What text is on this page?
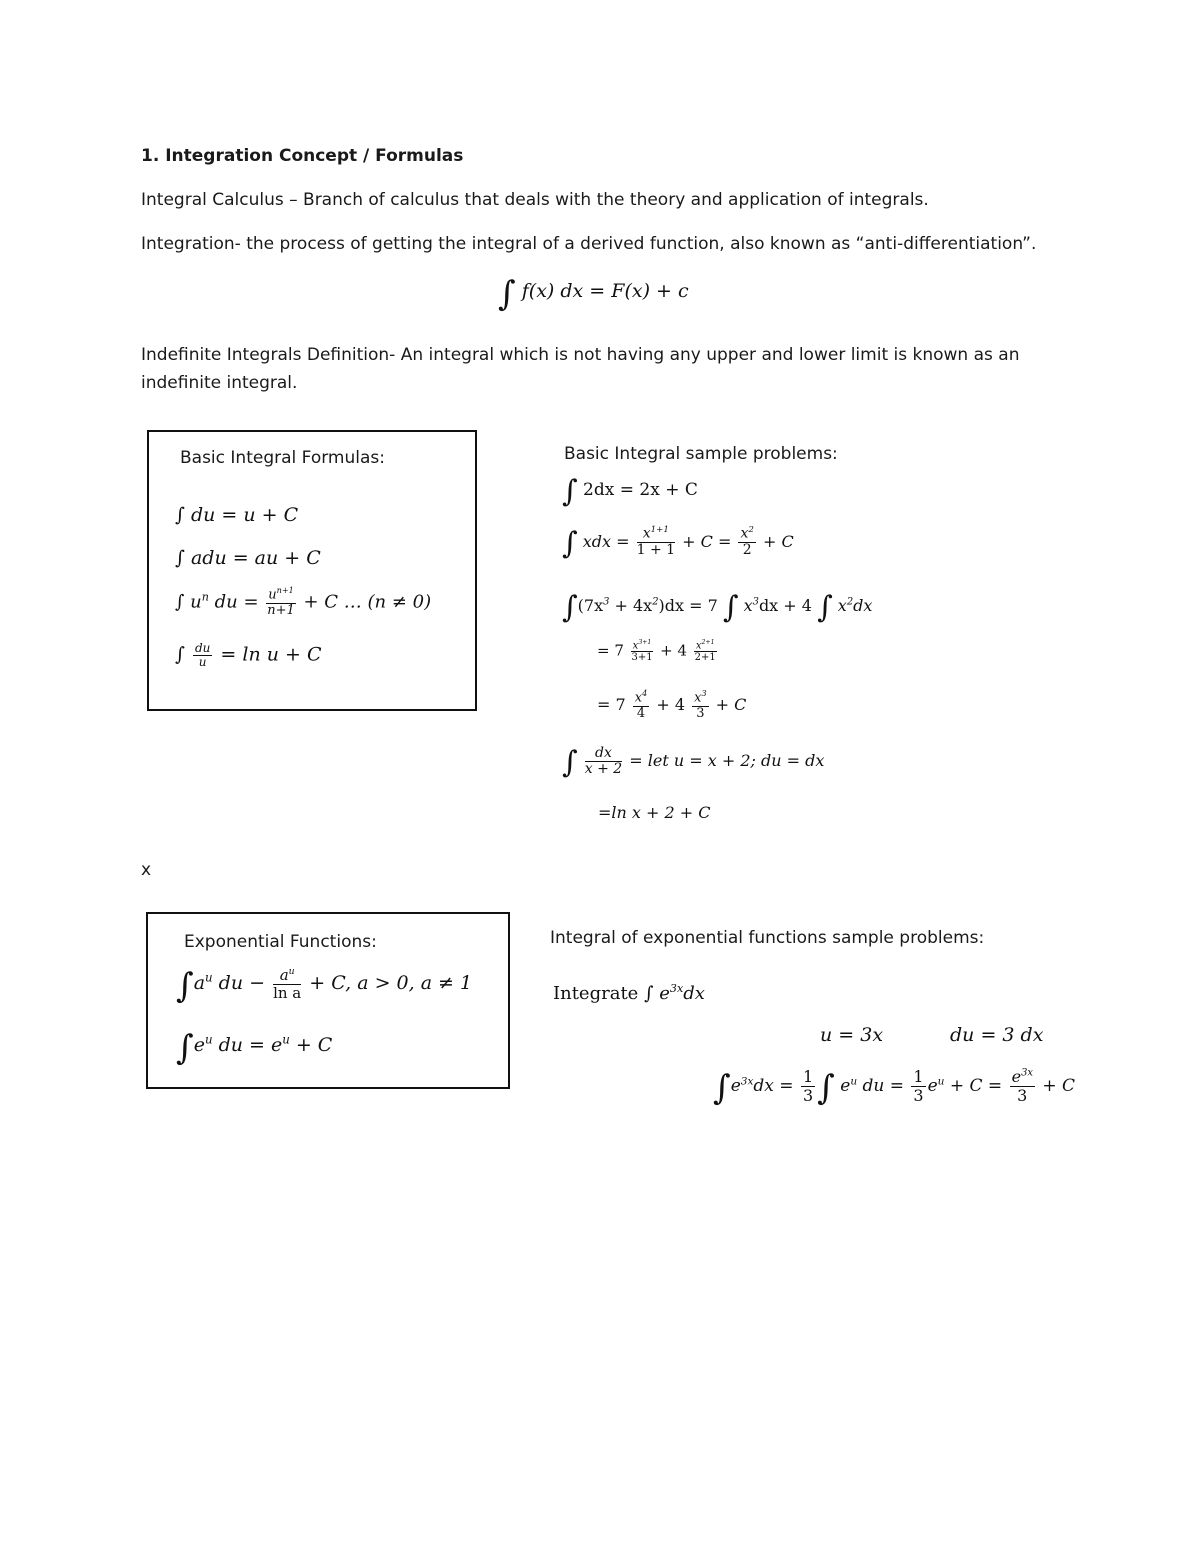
1. Integration Concept / Formulas
Integral Calculus – Branch of calculus that deals with the theory and application of integrals.
Integration- the process of getting the integral of a derived function, also known as “anti-differentiation”.
∫ f(x) dx = F(x) + c
Indefinite Integrals Definition- An integral which is not having any upper and lower limit is known as an indefinite integral.
Basic Integral Formulas:
∫ du = u + C
∫ adu = au + C
∫ $u^n$ du = $\frac{u^{n+1}}{n+1} + C$ … (n ≠ 0)
∫ $\frac{du}{u} = \ln u + C$
Basic Integral sample problems:
∫ 2dx = 2x + C
∫ xdx = $\frac{x^{1+1}}{1 + 1} + C = \frac{x^2}{2} + C$
$\int(7x^3 + 4x^2)dx = 7$ ∫ $x^3dx + 4$ ∫ $x^2dx$
= $7 \frac{x^{3+1}}{3+1} + 4 \frac{x^{2+1}}{2+1}$
= $7 \frac{x^4}{4} + 4 \frac{x^3}{3} + C$
∫ $\frac{dx}{x + 2}$ = let u = x + 2; du = dx
=ln x + 2 + C
x
Exponential Functions:
$\int a^u$ du − $\frac{a^u}{\text{ln a}} + C$, a > 0, a ≠ 1
$\int e^u$ du = $e^u + C$
Integral of exponential functions sample problems:
Integrate ∫ $e^{3x}dx$
u = 3x	du = 3 dx
$\int e^{3x}dx = \frac{1}{3}$ ∫ $e^u$ du = $\frac{1}{3} e^u + C = \frac{e^{3x}}{3} + C$
